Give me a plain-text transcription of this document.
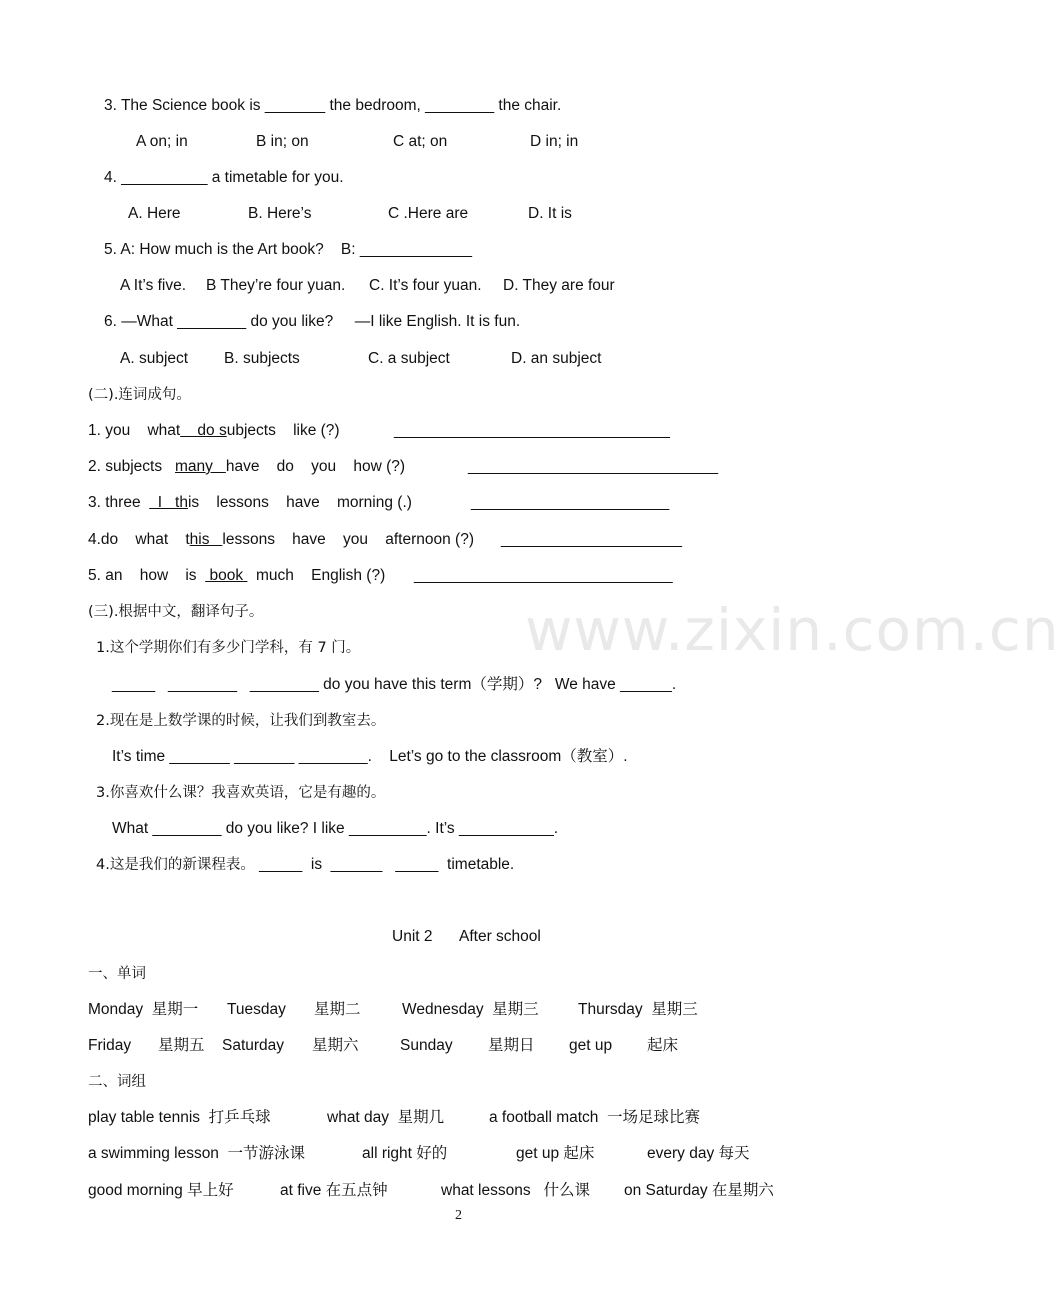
www.zixin.com.cn
3. The Science book is _______ the bedroom, ________ the chair.
A on; in	B in; on	C at; on	D in; in
4. __________ a timetable for you.
A. Here	B. Here’s	C .Here are	D. It is
5. A: How much is the Art book?    B: _____________
A It’s five. B They’re four yuan. C. It’s four yuan. D. They are four
6. —What ________ do you like?     —I like English. It is fun.
A. subject B. subjects	C. a subject	D. an subject
(二).连词成句。
1. you    what    do subjects    like (?)	________________________________
2. subjects   many   have    do    you    how (?)	_____________________________
3. three    I   this    lessons    have    morning (.)	_______________________
4.do    what    this   lessons    have    you    afternoon (?) _____________________
5. an    how    is   book   much    English (?) ______________________________
(三).根据中文，翻译句子。
1.这个学期你们有多少门学科，有 7 门。
_____   ________   ________ do you have this term（学期）?   We have ______.
2.现在是上数学课的时候，让我们到教室去。
It’s time _______ _______ ________.    Let’s go to the classroom（教室）.
3.你喜欢什么课？我喜欢英语，它是有趣的。
What ________ do you like? I like _________. It’s ___________.
4.这是我们的新课程表。 _____  is  ______   _____  timetable.
Unit 2 After school
一、单词
Monday  星期一 Tuesday 星期二	Wednesday  星期三	Thursday  星期三
Friday 星期五 Saturday 星期六	Sunday 星期日 get up 起床
二、词组
play table tennis  打乒乓球	what day  星期几	a football match  一场足球比赛
a swimming lesson  一节游泳课	all right 好的	get up 起床	every day 每天
good morning 早上好	at five 在五点钟	what lessons   什么课 on Saturday 在星期六
2
